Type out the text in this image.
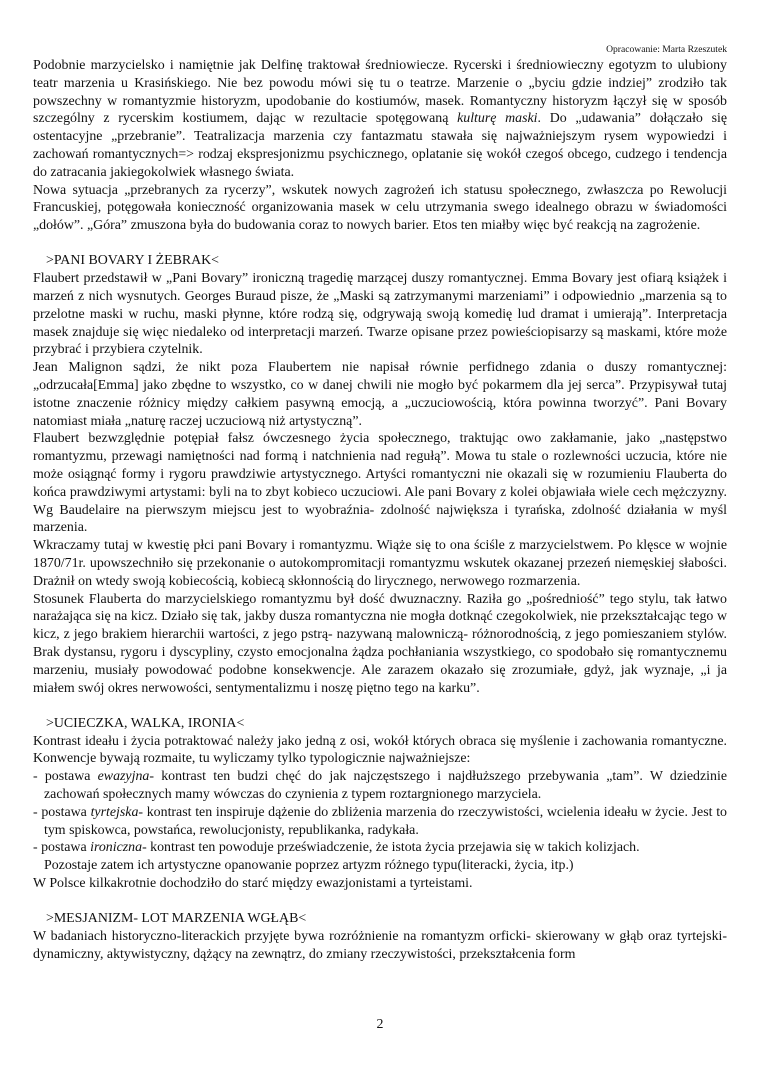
Opracowanie: Marta Rzeszutek

Podobnie marzycielsko i namiętnie jak Delfinę traktował średniowiecze. Rycerski i średniowieczny egotyzm to ulubiony teatr marzenia u Krasińskiego. Nie bez powodu mówi się tu o teatrze. Marzenie o „byciu gdzie indziej” zrodziło tak powszechny w romantyzmie historyzm, upodobanie do kostiumów, masek. Romantyczny historyzm łączył się w sposób szczególny z rycerskim kostiumem, dając w rezultacie spotęgowaną kulturę maski. Do „udawania” dołączało się ostentacyjne „przebranie”. Teatralizacja marzenia czy fantazmatu stawała się najważniejszym rysem wypowiedzi i zachowań romantycznych=> rodzaj ekspresjonizmu psychicznego, oplatanie się wokół czegoś obcego, cudzego i tendencja do zatracania jakiegokolwiek własnego świata.

Nowa sytuacja „przebranych za rycerzy”, wskutek nowych zagrożeń ich statusu społecznego, zwłaszcza po Rewolucji Francuskiej, potęgowała konieczność organizowania masek w celu utrzymania swego idealnego obrazu w świadomości „dołów”. „Góra” zmuszona była do budowania coraz to nowych barier. Etos ten miałby więc być reakcją na zagrożenie.

>PANI BOVARY I ŻEBRAK<

Flaubert przedstawił w „Pani Bovary” ironiczną tragedię marzącej duszy romantycznej. Emma Bovary jest ofiarą książek i marzeń z nich wysnutych. Georges Buraud pisze, że „Maski są zatrzymanymi marzeniami” i odpowiednio „marzenia są to przelotne maski w ruchu, maski płynne, które rodzą się, odgrywają swoją komedię lud dramat i umierają”. Interpretacja masek znajduje się więc niedaleko od interpretacji marzeń. Twarze opisane przez powieściopisarzy są maskami, które może przybrać i przybiera czytelnik.

Jean Malignon sądzi, że nikt poza Flaubertem nie napisał równie perfidnego zdania o duszy romantycznej: „odrzucała[Emma] jako zbędne to wszystko, co w danej chwili nie mogło być pokarmem dla jej serca”. Przypisywał tutaj istotne znaczenie różnicy między całkiem pasywną emocją, a „uczuciowością, która powinna tworzyć”. Pani Bovary natomiast miała „naturę raczej uczuciową niż artystyczną”.

Flaubert bezwzględnie potępiał fałsz ówczesnego życia społecznego, traktując owo zakłamanie, jako „następstwo romantyzmu, przewagi namiętności nad formą i natchnienia nad regułą”. Mowa tu stale o rozlewności uczucia, które nie może osiągnąć formy i rygoru prawdziwie artystycznego. Artyści romantyczni nie okazali się w rozumieniu Flauberta do końca prawdziwymi artystami: byli na to zbyt kobieco uczuciowi. Ale pani Bovary z kolei objawiała wiele cech mężczyzny. Wg Baudelaire na pierwszym miejscu jest to wyobraźnia- zdolność największa i tyrańska, zdolność działania w myśl marzenia.

Wkraczamy tutaj w kwestię płci pani Bovary i romantyzmu. Wiąże się to ona ściśle z marzycielstwem. Po klęsce w wojnie 1870/71r. upowszechniło się przekonanie o autokompromitacji romantyzmu wskutek okazanej przezeń niemęskiej słabości. Drażnił on wtedy swoją kobiecością, kobiecą skłonnością do lirycznego, nerwowego rozmarzenia.

Stosunek Flauberta do marzycielskiego romantyzmu był dość dwuznaczny. Raziła go „pośredniość” tego stylu, tak łatwo narażająca się na kicz. Działo się tak, jakby dusza romantyczna nie mogła dotknąć czegokolwiek, nie przekształcając tego w kicz, z jego brakiem hierarchii wartości, z jego pstrą- nazywaną malowniczą- różnorodnością, z jego pomieszaniem stylów. Brak dystansu, rygoru i dyscypliny, czysto emocjonalna żądza pochłaniania wszystkiego, co spodobało się romantycznemu marzeniu, musiały powodować podobne konsekwencje. Ale zarazem okazało się zrozumiałe, gdyż, jak wyznaje, „i ja miałem swój okres nerwowości, sentymentalizmu i noszę piętno tego na karku”.

>UCIECZKA, WALKA, IRONIA<

Kontrast ideału i życia potraktować należy jako jedną z osi, wokół których obraca się myślenie i zachowania romantyczne. Konwencje bywają rozmaite, tu wyliczamy tylko typologicznie najważniejsze:

- postawa ewazyjna- kontrast ten budzi chęć do jak najczęstszego i najdłuższego przebywania „tam”. W dziedzinie zachowań społecznych mamy wówczas do czynienia z typem roztargnionego marzyciela.

- postawa tyrtejska- kontrast ten inspiruje dążenie do zbliżenia marzenia do rzeczywistości, wcielenia ideału w życie. Jest to tym spiskowca, powstańca, rewolucjonisty, republikanka, radykała.

- postawa ironiczna- kontrast ten powoduje przeświadczenie, że istota życia przejawia się w takich kolizjach.

Pozostaje zatem ich artystyczne opanowanie poprzez artyzm różnego typu(literacki, życia, itp.)

W Polsce kilkakrotnie dochodziło do starć między ewazjonistami a tyrteistami.

>MESJANIZM- LOT MARZENIA WGŁĄB<

W badaniach historyczno-literackich przyjęte bywa rozróżnienie na romantyzm orficki- skierowany w głąb oraz tyrtejski- dynamiczny, aktywistyczny, dążący na zewnątrz, do zmiany rzeczywistości, przekształcenia form

2
